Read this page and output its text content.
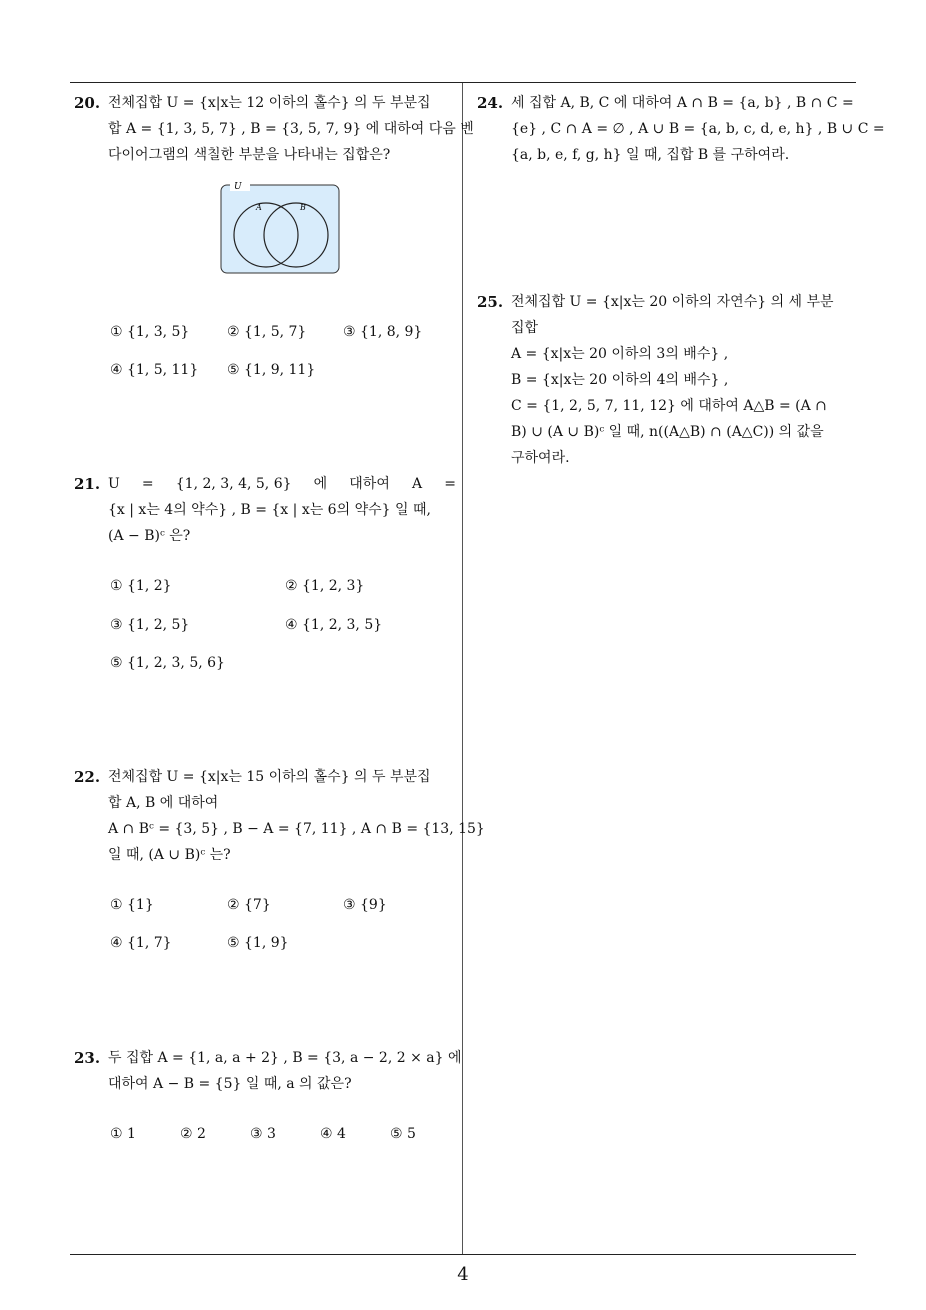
4
20. 전체집합 U = {x|x는 12 이하의 홀수} 의 두 부분집
합 A = {1, 3, 5, 7} , B = {3, 5, 7, 9} 에 대하여 다음 벤
다이어그램의 색칠한 부분을 나타내는 집합은?
U
A	B
① {1, 3, 5}	② {1, 5, 7}	③ {1, 8, 9}
④ {1, 5, 11} ⑤ {1, 9, 11}
21. U = {1, 2, 3, 4, 5, 6} 에 대하여 A =
{x | x는 4의 약수} , B = {x | x는 6의 약수} 일 때,
(A − B)ᶜ 은?
① {1, 2}	② {1, 2, 3}
③ {1, 2, 5}	④ {1, 2, 3, 5}
⑤ {1, 2, 3, 5, 6}
22. 전체집합 U = {x|x는 15 이하의 홀수} 의 두 부분집
합 A, B 에 대하여
A ∩ Bᶜ = {3, 5} , B − A = {7, 11} , A ∩ B = {13, 15}
일 때, (A ∪ B)ᶜ 는?
① {1}	② {7}	③ {9}
④ {1, 7}	⑤ {1, 9}
23. 두 집합 A = {1, a, a + 2} , B = {3, a − 2, 2 × a} 에
대하여 A − B = {5} 일 때, a 의 값은?
① 1	② 2	③ 3	④ 4	⑤ 5
24. 세 집합 A, B, C 에 대하여 A ∩ B = {a, b} , B ∩ C =
{e} , C ∩ A = ∅ , A ∪ B = {a, b, c, d, e, h} , B ∪ C =
{a, b, e, f, g, h} 일 때, 집합 B 를 구하여라.
25. 전체집합 U = {x|x는 20 이하의 자연수} 의 세 부분
집합
A = {x|x는 20 이하의 3의 배수} ,
B = {x|x는 20 이하의 4의 배수} ,
C = {1, 2, 5, 7, 11, 12} 에 대하여 A△B = (A ∩
B) ∪ (A ∪ B)ᶜ 일 때, n((A△B) ∩ (A△C)) 의 값을
구하여라.
